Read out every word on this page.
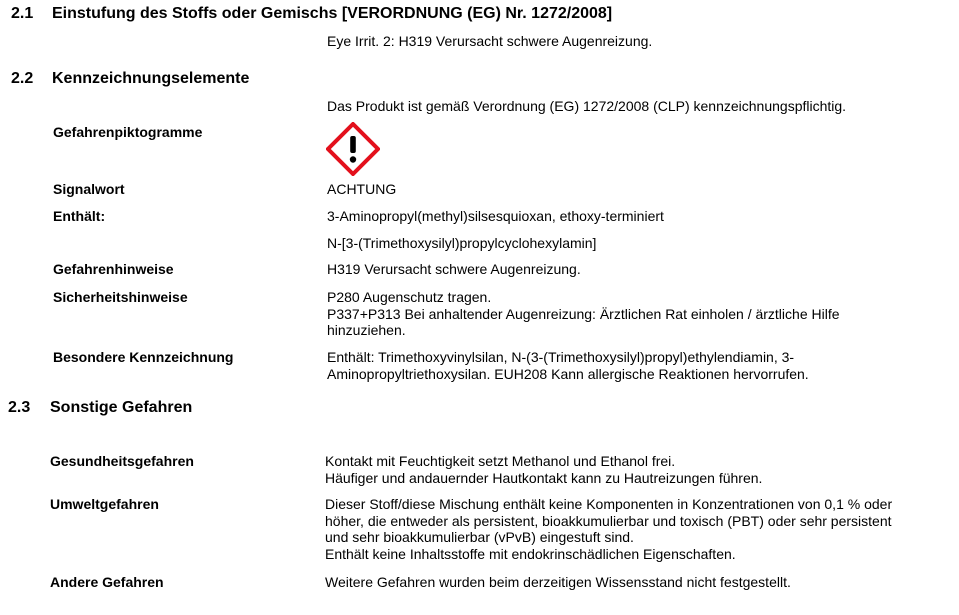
2.1 Einstufung des Stoffs oder Gemischs [VERORDNUNG (EG) Nr. 1272/2008]
Eye Irrit. 2: H319 Verursacht schwere Augenreizung.
2.2 Kennzeichnungselemente
Das Produkt ist gemäß Verordnung (EG) 1272/2008 (CLP) kennzeichnungspflichtig.
Gefahrenpiktogramme
Signalwort	ACHTUNG
Enthält:	3-Aminopropyl(methyl)silsesquioxan, ethoxy-terminiert
N-[3-(Trimethoxysilyl)propylcyclohexylamin]
Gefahrenhinweise	H319 Verursacht schwere Augenreizung.
Sicherheitshinweise	P280 Augenschutz tragen.
P337+P313 Bei anhaltender Augenreizung: Ärztlichen Rat einholen / ärztliche Hilfe
hinzuziehen.
Besondere Kennzeichnung	Enthält: Trimethoxyvinylsilan, N-(3-(Trimethoxysilyl)propyl)ethylendiamin, 3-
Aminopropyltriethoxysilan. EUH208 Kann allergische Reaktionen hervorrufen.
2.3 Sonstige Gefahren
Gesundheitsgefahren	Kontakt mit Feuchtigkeit setzt Methanol und Ethanol frei.
Häufiger und andauernder Hautkontakt kann zu Hautreizungen führen.
Umweltgefahren	Dieser Stoff/diese Mischung enthält keine Komponenten in Konzentrationen von 0,1 % oder
höher, die entweder als persistent, bioakkumulierbar und toxisch (PBT) oder sehr persistent
und sehr bioakkumulierbar (vPvB) eingestuft sind.
Enthält keine Inhaltsstoffe mit endokrinschädlichen Eigenschaften.
Andere Gefahren	Weitere Gefahren wurden beim derzeitigen Wissensstand nicht festgestellt.
